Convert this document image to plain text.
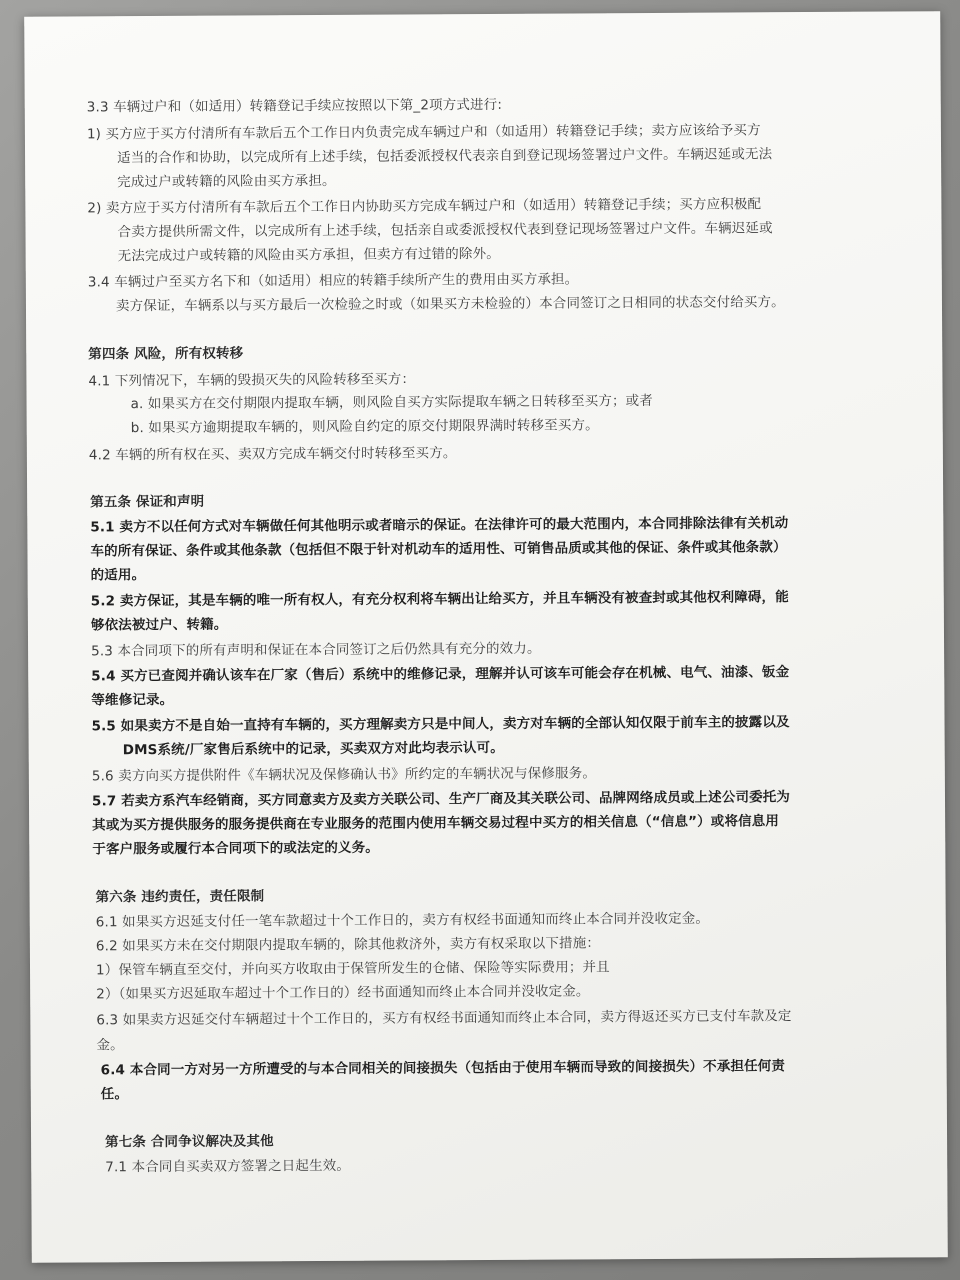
3.3 车辆过户和（如适用）转籍登记手续应按照以下第_2项方式进行:
1) 买方应于买方付清所有车款后五个工作日内负责完成车辆过户和（如适用）转籍登记手续；卖方应该给予买方
适当的合作和协助，以完成所有上述手续，包括委派授权代表亲自到登记现场签署过户文件。车辆迟延或无法
完成过户或转籍的风险由买方承担。
2) 卖方应于买方付清所有车款后五个工作日内协助买方完成车辆过户和（如适用）转籍登记手续；买方应积极配
合卖方提供所需文件，以完成所有上述手续，包括亲自或委派授权代表到登记现场签署过户文件。车辆迟延或
无法完成过户或转籍的风险由买方承担，但卖方有过错的除外。
3.4 车辆过户至买方名下和（如适用）相应的转籍手续所产生的费用由买方承担。
卖方保证，车辆系以与买方最后一次检验之时或（如果买方未检验的）本合同签订之日相同的状态交付给买方。
第四条 风险，所有权转移
4.1 下列情况下，车辆的毁损灭失的风险转移至买方：
a. 如果买方在交付期限内提取车辆，则风险自买方实际提取车辆之日转移至买方；或者
b. 如果买方逾期提取车辆的，则风险自约定的原交付期限界满时转移至买方。
4.2 车辆的所有权在买、卖双方完成车辆交付时转移至买方。
第五条 保证和声明
5.1 卖方不以任何方式对车辆做任何其他明示或者暗示的保证。在法律许可的最大范围内，本合同排除法律有关机动
车的所有保证、条件或其他条款（包括但不限于针对机动车的适用性、可销售品质或其他的保证、条件或其他条款）
的适用。
5.2 卖方保证，其是车辆的唯一所有权人，有充分权利将车辆出让给买方，并且车辆没有被查封或其他权利障碍，能
够依法被过户、转籍。
5.3 本合同项下的所有声明和保证在本合同签订之后仍然具有充分的效力。
5.4 买方已查阅并确认该车在厂家（售后）系统中的维修记录，理解并认可该车可能会存在机械、电气、油漆、钣金
等维修记录。
5.5 如果卖方不是自始一直持有车辆的，买方理解卖方只是中间人，卖方对车辆的全部认知仅限于前车主的披露以及
DMS系统/厂家售后系统中的记录，买卖双方对此均表示认可。
5.6 卖方向买方提供附件《车辆状况及保修确认书》所约定的车辆状况与保修服务。
5.7 若卖方系汽车经销商，买方同意卖方及卖方关联公司、生产厂商及其关联公司、品牌网络成员或上述公司委托为
其或为买方提供服务的服务提供商在专业服务的范围内使用车辆交易过程中买方的相关信息（“信息”）或将信息用
于客户服务或履行本合同项下的或法定的义务。
第六条 违约责任，责任限制
6.1 如果买方迟延支付任一笔车款超过十个工作日的，卖方有权经书面通知而终止本合同并没收定金。
6.2 如果买方未在交付期限内提取车辆的，除其他救济外，卖方有权采取以下措施：
1）保管车辆直至交付，并向买方收取由于保管所发生的仓储、保险等实际费用；并且
2）（如果买方迟延取车超过十个工作日的）经书面通知而终止本合同并没收定金。
6.3 如果卖方迟延交付车辆超过十个工作日的，买方有权经书面通知而终止本合同，卖方得返还买方已支付车款及定
金。
6.4 本合同一方对另一方所遭受的与本合同相关的间接损失（包括由于使用车辆而导致的间接损失）不承担任何责
任。
第七条 合同争议解决及其他
7.1 本合同自买卖双方签署之日起生效。
